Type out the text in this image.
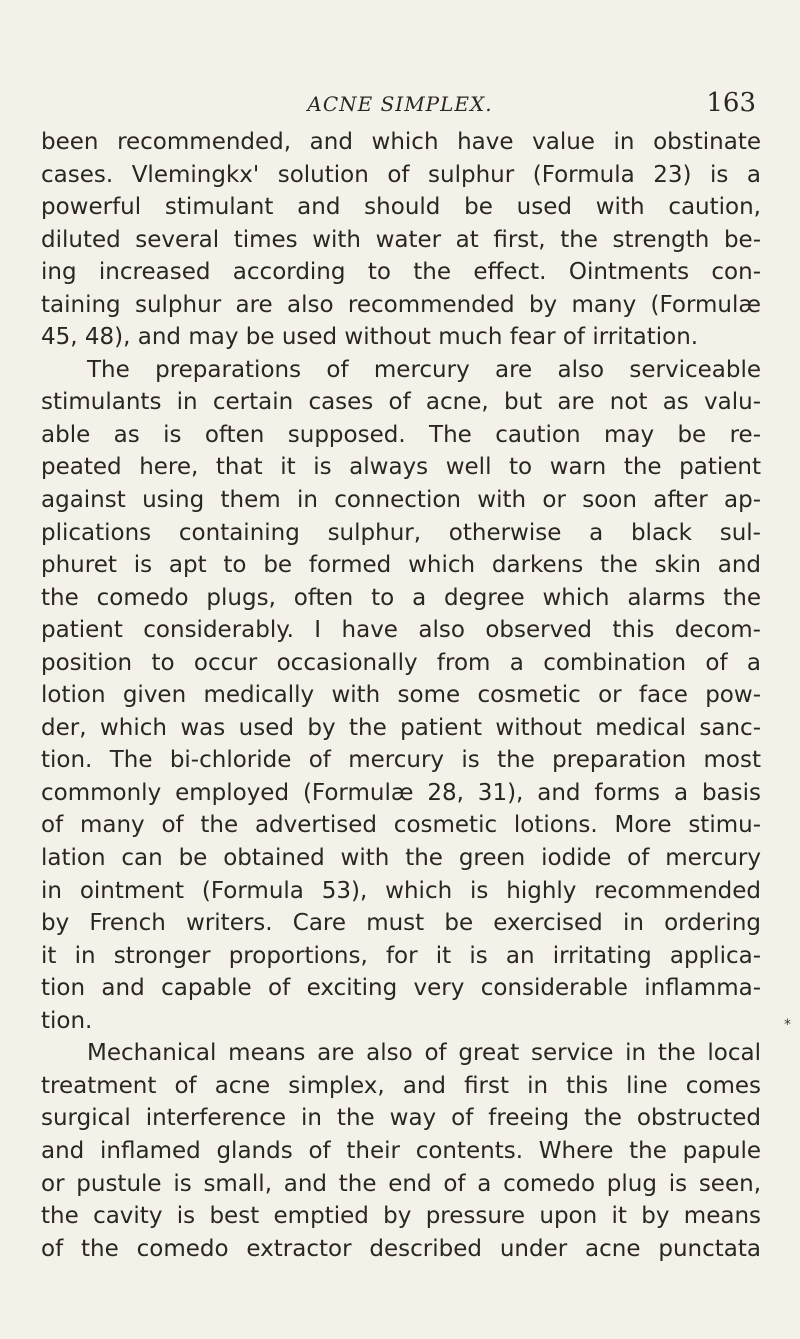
ACNE SIMPLEX.	163
been recommended, and which have value in obstinate
cases. Vlemingkx' solution of sulphur (Formula 23) is a
powerful stimulant and should be used with caution,
diluted several times with water at first, the strength be-
ing increased according to the effect. Ointments con-
taining sulphur are also recommended by many (Formulæ
45, 48), and may be used without much fear of irritation.
The preparations of mercury are also serviceable
stimulants in certain cases of acne, but are not as valu-
able as is often supposed. The caution may be re-
peated here, that it is always well to warn the patient
against using them in connection with or soon after ap-
plications containing sulphur, otherwise a black sul-
phuret is apt to be formed which darkens the skin and
the comedo plugs, often to a degree which alarms the
patient considerably. I have also observed this decom-
position to occur occasionally from a combination of a
lotion given medically with some cosmetic or face pow-
der, which was used by the patient without medical sanc-
tion. The bi-chloride of mercury is the preparation most
commonly employed (Formulæ 28, 31), and forms a basis
of many of the advertised cosmetic lotions. More stimu-
lation can be obtained with the green iodide of mercury
in ointment (Formula 53), which is highly recommended
by French writers. Care must be exercised in ordering
it in stronger proportions, for it is an irritating applica-
tion and capable of exciting very considerable inflamma-
tion.
Mechanical means are also of great service in the local
treatment of acne simplex, and first in this line comes
surgical interference in the way of freeing the obstructed
and inflamed glands of their contents. Where the papule
or pustule is small, and the end of a comedo plug is seen,
the cavity is best emptied by pressure upon it by means
of the comedo extractor described under acne punctata
*
